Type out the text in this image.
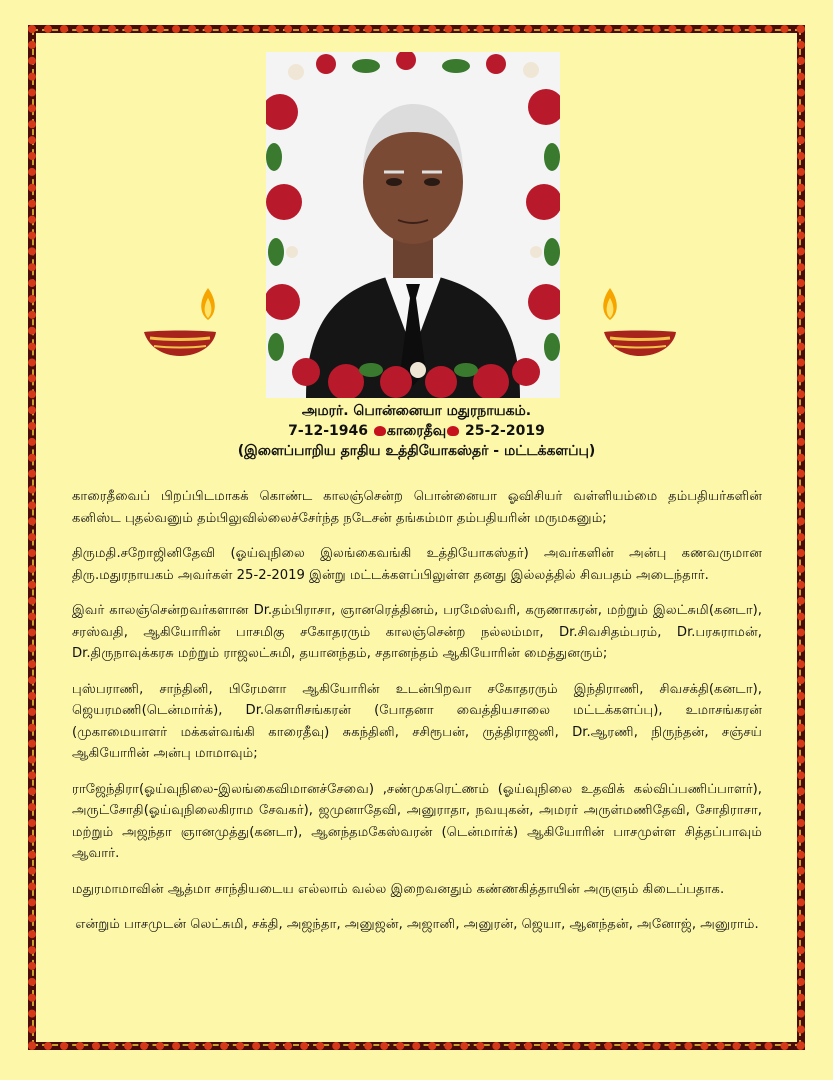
அமரர். பொன்னையா மதுரநாயகம்.
7-12-1946 காரைதீவு 25-2-2019
(இளைப்பாறிய தாதிய உத்தியோகஸ்தர் - மட்டக்களப்பு)

காரைதீவைப் பிறப்பிடமாகக் கொண்ட காலஞ்சென்ற பொன்னையா ஓவிசியர் வள்ளியம்மை தம்பதியர்களின் கனிஸ்ட புதல்வனும் தம்பிலுவில்லைச்சேர்ந்த நடேசன் தங்கம்மா தம்பதியரின் மருமகனும்;

திருமதி.சறோஜினிதேவி (ஓய்வுநிலை இலங்கைவங்கி உத்தியோகஸ்தர்) அவர்களின் அன்பு கணவருமான திரு.மதுரநாயகம் அவர்கள் 25-2-2019 இன்று மட்டக்களப்பிலுள்ள தனது இல்லத்தில் சிவபதம் அடைந்தார்.

இவர் காலஞ்சென்றவர்களான Dr.தம்பிராசா, ஞானரெத்தினம், பரமேஸ்வரி, கருணாகரன், மற்றும் இலட்சுமி(கனடா), சரஸ்வதி, ஆகியோரின் பாசமிகு சகோதரரும் காலஞ்சென்ற நல்லம்மா, Dr.சிவசிதம்பரம், Dr.பரசுராமன், Dr.திருநாவுக்கரசு மற்றும் ராஜலட்சுமி, தயானந்தம், சதானந்தம் ஆகியோரின் மைத்துனரும்;

புஸ்பராணி, சாந்தினி, பிரேமளா ஆகியோரின் உடன்பிறவா சகோதரரும் இந்திராணி, சிவசக்தி(கனடா), ஜெயரமணி(டென்மார்க்), Dr.கௌரிசங்கரன் (போதனா வைத்தியசாலை மட்டக்களப்பு), உமாசங்கரன் (முகாமையாளர் மக்கள்வங்கி காரைதீவு) சுகந்தினி, சசிரூபன், ருத்திராஜனி, Dr.ஆரணி, நிருந்தன், சஞ்சய் ஆகியோரின் அன்பு மாமாவும்;

ராஜேந்திரா(ஓய்வுநிலை-இலங்கைவிமானச்சேவை) ,சண்முகரெட்ணம் (ஓய்வுநிலை உதவிக் கல்விப்பணிப்பாளர்), அருட்சோதி(ஓய்வுநிலைகிராம சேவகர்), ஜமுனாதேவி, அனுராதா, நவயுகன், அமரர் அருள்மணிதேவி, சோதிராசா, மற்றும் அஜந்தா ஞானமுத்து(கனடா), ஆனந்தமகேஸ்வரன் (டென்மார்க்) ஆகியோரின் பாசமுள்ள சித்தப்பாவும் ஆவார்.

மதுரமாமாவின் ஆத்மா சாந்தியடைய எல்லாம் வல்ல இறைவனதும் கண்ணகித்தாயின் அருளும் கிடைப்பதாக.

என்றும் பாசமுடன் லெட்சுமி, சக்தி, அஜந்தா, அனுஜன், அஜானி, அனுரன், ஜெயா, ஆனந்தன், அனோஜ், அனுராம்.
